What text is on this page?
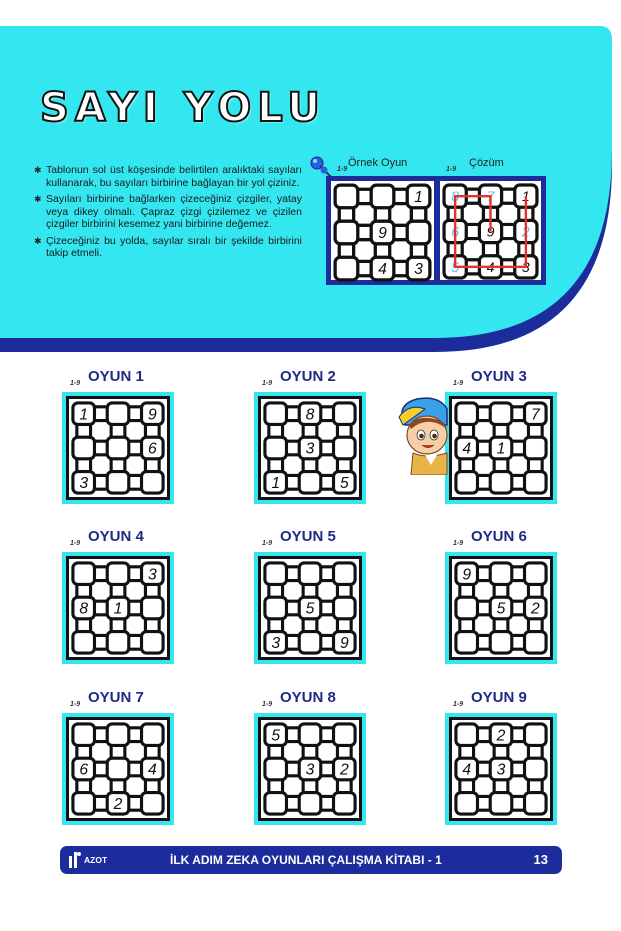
SAYI YOLU
✱ Tablonun sol üst köşesinde belirtilen aralıktaki sayıları kullanarak, bu sayıları birbirine bağlayan bir yol çiziniz.
✱ Sayıları birbirine bağlarken çizeceğiniz çizgiler, yatay veya dikey olmalı. Çapraz çizgi çizilemez ve çizilen çizgiler birbirini kesemez yani birbirine değemez.
✱ Çizeceğiniz bu yolda, sayılar sıralı bir şekilde birbirini takip etmeli.
1-9
Örnek Oyun
1-9
Çözüm
1
9
4 3
8 7 1
6 9 2
5 4 3
1-9 OYUN 1
1	9
6
3
1-9 OYUN 2
8
3
1	5
1-9 OYUN 3
7
4 1
1-9 OYUN 4
3
8 1
1-9 OYUN 5
5
3	9
1-9 OYUN 6
9
5 2
1-9 OYUN 7
6	4
2
1-9 OYUN 8
5
3 2
1-9 OYUN 9
2
4 3
AZOT	İLK ADIM ZEKA OYUNLARI ÇALIŞMA KİTABI - 1	13
